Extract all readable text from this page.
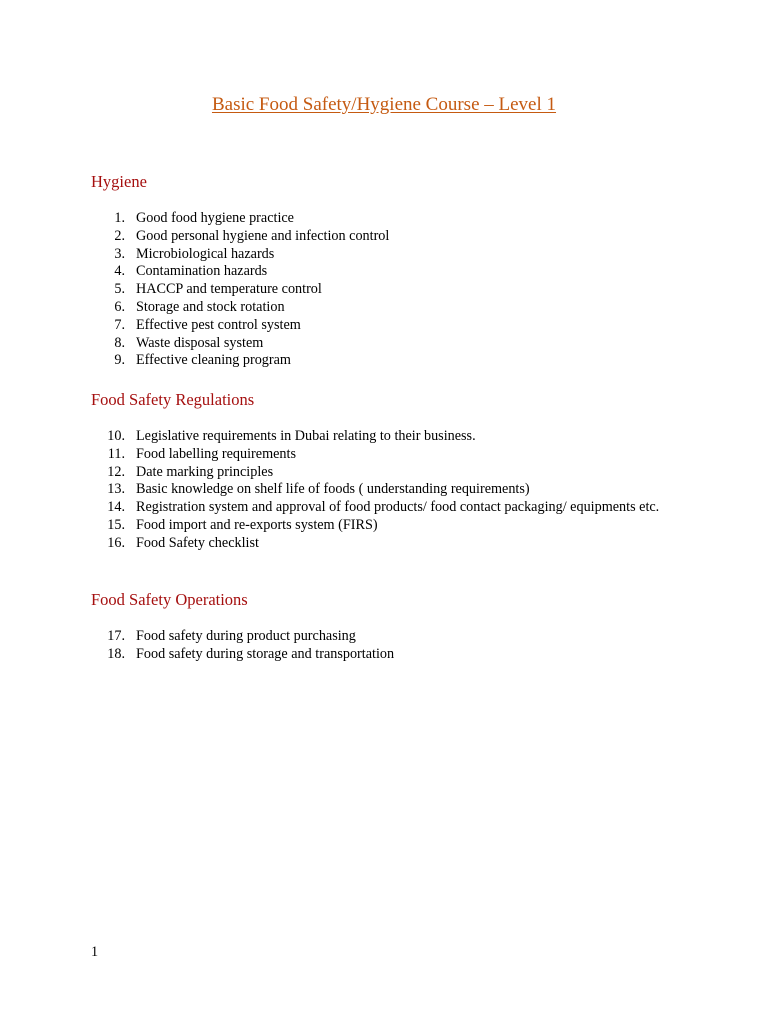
Basic Food Safety/Hygiene Course – Level 1
Hygiene
1. Good food hygiene practice
2. Good personal hygiene and infection control
3. Microbiological hazards
4. Contamination hazards
5. HACCP and temperature control
6. Storage and stock rotation
7. Effective pest control system
8. Waste disposal system
9. Effective cleaning program
Food Safety Regulations
10. Legislative requirements in Dubai relating to their business.
11. Food labelling requirements
12. Date marking principles
13. Basic knowledge on shelf life of foods ( understanding requirements)
14. Registration system and approval of food products/ food contact packaging/ equipments etc.
15. Food import and re-exports system (FIRS)
16. Food Safety checklist
Food Safety Operations
17. Food safety during product purchasing
18. Food safety during storage and transportation
1
